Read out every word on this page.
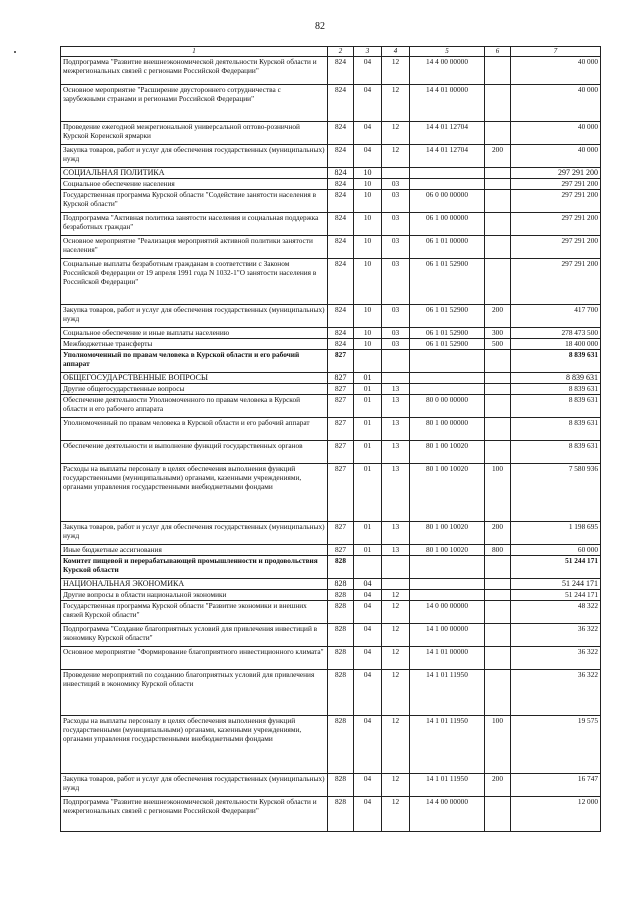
82
1	2	3	4	5	6	7
Подпрограмма "Развитие внешнеэкономической деятельности Курской области и межрегиональных связей с регионами Российской Федерации"	824	04	12	14 4 00 00000		40 000
Основное мероприятие "Расширение двустороннего сотрудничества с зарубежными странами и регионами Российской Федерации"	824	04	12	14 4 01 00000		40 000
Проведение ежегодной межрегиональной универсальной оптово-розничной Курской Коренской ярмарки	824	04	12	14 4 01 12704		40 000
Закупка товаров, работ и услуг для обеспечения государственных (муниципальных) нужд	824	04	12	14 4 01 12704	200	40 000
СОЦИАЛЬНАЯ ПОЛИТИКА	824	10				297 291 200
Социальное обеспечение населения	824	10	03			297 291 200
Государственная программа Курской области "Содействие занятости населения в Курской области"	824	10	03	06 0 00 00000		297 291 200
Подпрограмма "Активная политика занятости населения и социальная поддержка безработных граждан"	824	10	03	06 1 00 00000		297 291 200
Основное мероприятие "Реализация мероприятий активной политики занятости населения"	824	10	03	06 1 01 00000		297 291 200
Социальные выплаты безработным гражданам в соответствии с Законом Российской Федерации от 19 апреля 1991 года N 1032-1"О занятости населения в Российской Федерации"	824	10	03	06 1 01 52900		297 291 200
Закупка товаров, работ и услуг для обеспечения государственных (муниципальных) нужд	824	10	03	06 1 01 52900	200	417 700
Социальное обеспечение и иные выплаты населению	824	10	03	06 1 01 52900	300	278 473 500
Межбюджетные трансферты	824	10	03	06 1 01 52900	500	18 400 000
Уполномоченный по правам человека в Курской области и его рабочий аппарат	827					8 839 631
ОБЩЕГОСУДАРСТВЕННЫЕ ВОПРОСЫ	827	01				8 839 631
Другие общегосударственные вопросы	827	01	13			8 839 631
Обеспечение деятельности Уполномоченного по правам человека в Курской области и его рабочего аппарата	827	01	13	80 0 00 00000		8 839 631
Уполномоченный по правам человека в Курской области и его рабочий аппарат	827	01	13	80 1 00 00000		8 839 631
Обеспечение деятельности и выполнение функций государственных органов	827	01	13	80 1 00 10020		8 839 631
Расходы на выплаты персоналу в целях обеспечения выполнения функций государственными (муниципальными) органами, казенными учреждениями, органами управления государственными внебюджетными фондами	827	01	13	80 1 00 10020	100	7 580 936
Закупка товаров, работ и услуг для обеспечения государственных (муниципальных) нужд	827	01	13	80 1 00 10020	200	1 198 695
Иные бюджетные ассигнования	827	01	13	80 1 00 10020	800	60 000
Комитет пищевой и перерабатывающей промышленности и продовольствия Курской области	828					51 244 171
НАЦИОНАЛЬНАЯ ЭКОНОМИКА	828	04				51 244 171
Другие вопросы в области национальной экономики	828	04	12			51 244 171
Государственная программа Курской области "Развитие экономики и внешних связей Курской области"	828	04	12	14 0 00 00000		48 322
Подпрограмма "Создание благоприятных условий для привлечения инвестиций в экономику Курской области"	828	04	12	14 1 00 00000		36 322
Основное мероприятие "Формирование благоприятного инвестиционного климата"	828	04	12	14 1 01 00000		36 322
Проведение мероприятий по созданию благоприятных условий для привлечения инвестиций в экономику Курской области	828	04	12	14 1 01 11950		36 322
Расходы на выплаты персоналу в целях обеспечения выполнения функций государственными (муниципальными) органами, казенными учреждениями, органами управления государственными внебюджетными фондами	828	04	12	14 1 01 11950	100	19 575
Закупка товаров, работ и услуг для обеспечения государственных (муниципальных) нужд	828	04	12	14 1 01 11950	200	16 747
Подпрограмма "Развитие внешнеэкономической деятельности Курской области и межрегиональных связей с регионами Российской Федерации"	828	04	12	14 4 00 00000		12 000
